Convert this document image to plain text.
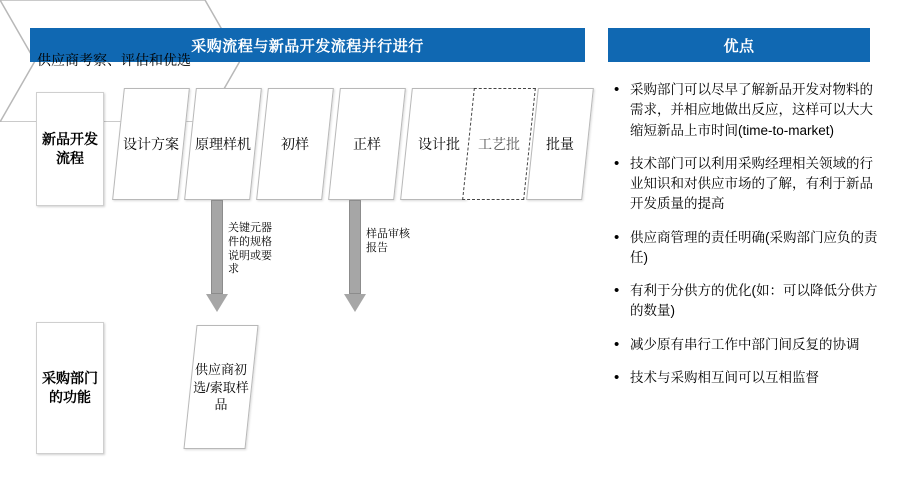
采购流程与新品开发流程并行进行	优点
新品开发流程
采购部门的功能
设计方案 原理样机 初样	正样	设计批 工艺批 批量
关键元器件的规格说明或要求
样品审核报告
供应商初选/索取样品
供应商考察、评估和优选
• 采购部门可以尽早了解新品开发对物料的需求，并相应地做出反应，这样可以大大缩短新品上市时间(time-to-market)
• 技术部门可以利用采购经理相关领域的行业知识和对供应市场的了解，有利于新品开发质量的提高
• 供应商管理的责任明确(采购部门应负的责任)
• 有利于分供方的优化(如：可以降低分供方的数量)
• 减少原有串行工作中部门间反复的协调
• 技术与采购相互间可以互相监督
